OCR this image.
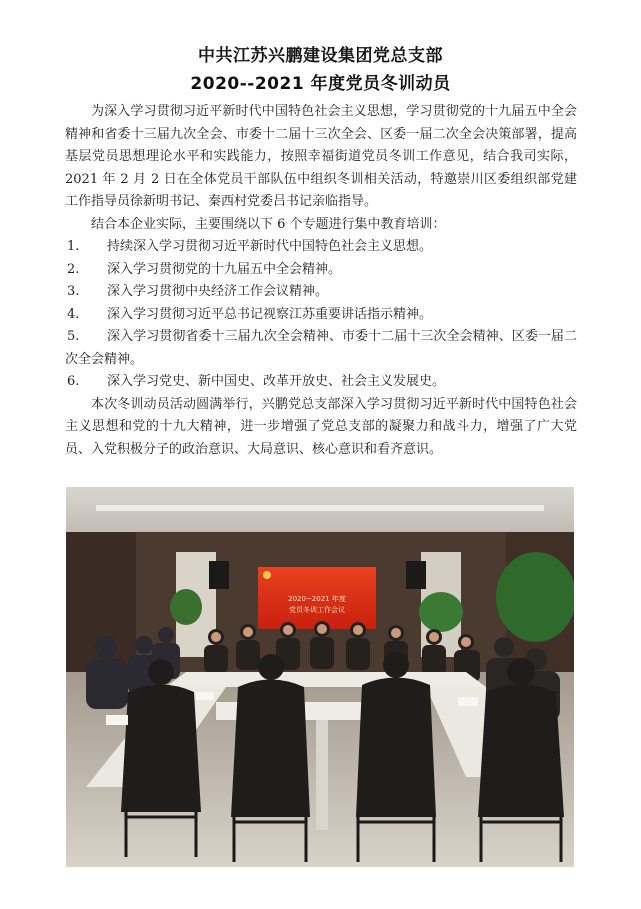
中共江苏兴鹏建设集团党总支部
2020--2021 年度党员冬训动员

为深入学习贯彻习近平新时代中国特色社会主义思想，学习贯彻党的十九届五中全会精神和省委十三届九次全会、市委十二届十三次全会、区委一届二次全会决策部署，提高基层党员思想理论水平和实践能力，按照幸福街道党员冬训工作意见，结合我司实际，2021 年 2 月 2 日在全体党员干部队伍中组织冬训相关活动，特邀崇川区委组织部党建工作指导员徐新明书记、秦西村党委吕书记亲临指导。

结合本企业实际，主要围绕以下 6 个专题进行集中教育培训：

1. 持续深入学习贯彻习近平新时代中国特色社会主义思想。
2. 深入学习贯彻党的十九届五中全会精神。
3. 深入学习贯彻中央经济工作会议精神。
4. 深入学习贯彻习近平总书记视察江苏重要讲话指示精神。
5. 深入学习贯彻省委十三届九次全会精神、市委十二届十三次全会精神、区委一届二次全会精神。
6. 深入学习党史、新中国史、改革开放史、社会主义发展史。

本次冬训动员活动圆满举行，兴鹏党总支部深入学习贯彻习近平新时代中国特色社会主义思想和党的十九大精神，进一步增强了党总支部的凝聚力和战斗力，增强了广大党员、入党积极分子的政治意识、大局意识、核心意识和看齐意识。

2020~2021 年度
党员冬训工作会议
